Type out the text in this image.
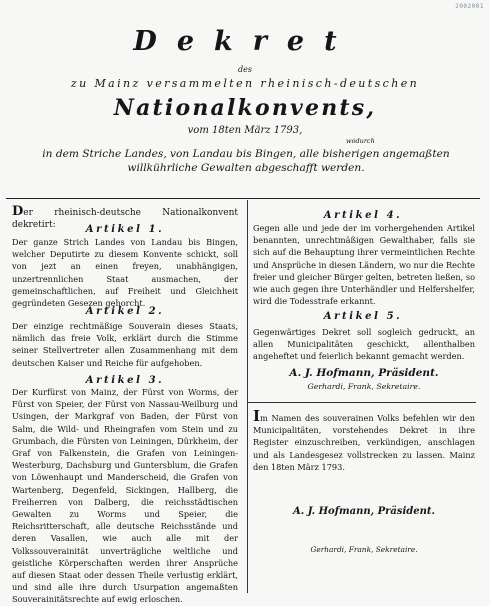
2002001
Dekret
des
zu Mainz versammelten rheinisch-deutschen
Nationalkonvents,
vom 18ten März 1793,
wodurch
in dem Striche Landes, von Landau bis Bingen, alle bisherigen angemaßten willkührliche Gewalten abgeschafft werden.
Der rheinisch-deutsche Nationalkonvent dekretirt:	Artikel 1.
Der ganze Strich Landes von Landau bis Bingen, welcher Deputirte zu diesem Konvente schickt, soll von jezt an einen freyen, unabhängigen, unzertrennlichen Staat ausmachen, der gemeinschaftlichen, auf Freiheit und Gleichheit gegründeten Gesezen gehorcht.
Artikel 2.
Der einzige rechtmäßige Souverain dieses Staats, nämlich das freie Volk, erklärt durch die Stimme seiner Stellvertreter allen Zusammenhang mit dem deutschen Kaiser und Reiche für aufgehoben.
Artikel 3.
Der Kurfürst von Mainz, der Fürst von Worms, der Fürst von Speier, der Fürst von Nassau-Weilburg und Usingen, der Markgraf von Baden, der Fürst von Salm, die Wild- und Rheingrafen vom Stein und zu Grumbach, die Fürsten von Leiningen, Dürkheim, der Graf von Falkenstein, die Grafen von Leiningen-Westerburg, Dachsburg und Guntersblum, die Grafen von Löwenhaupt und Manderscheid, die Grafen von Wartenberg, Degenfeld, Sickingen, Hallberg, die Freiherren von Dalberg, die reichsstädtischen Gewalten zu Worms und Speier, die Reichsritterschaft, alle deutsche Reichsstände und deren Vasallen, wie auch alle mit der Volkssouverainität unverträgliche weltliche und geistliche Körperschaften werden ihrer Ansprüche auf diesen Staat oder dessen Theile verlustig erklärt, und sind alle ihre durch Usurpation angemaßten Souverainitätsrechte auf ewig erloschen.
Artikel 4.
Gegen alle und jede der im vorhergehenden Artikel benannten, unrechtmäßigen Gewalthaber, falls sie sich auf die Behauptung ihrer vermeintlichen Rechte und Ansprüche in diesen Ländern, wo nur die Rechte freier und gleicher Bürger gelten, betreten ließen, so wie auch gegen ihre Unterhändler und Helfershelfer, wird die Todesstrafe erkannt.
Artikel 5.
Gegenwärtiges Dekret soll sogleich gedruckt, an allen Municipalitäten geschickt, allenthalben angeheftet und feierlich bekannt gemacht werden.
A. J. Hofmann, Präsident.
Gerhardi, Frank, Sekretaire.
Im Namen des souverainen Volks befehlen wir den Municipalitäten, vorstehendes Dekret in ihre Register einzuschreiben, verkündigen, anschlagen und als Landesgesez vollstrecken zu lassen. Mainz den 18ten März 1793.
A. J. Hofmann, Präsident.
Gerhardi, Frank, Sekretaire.
